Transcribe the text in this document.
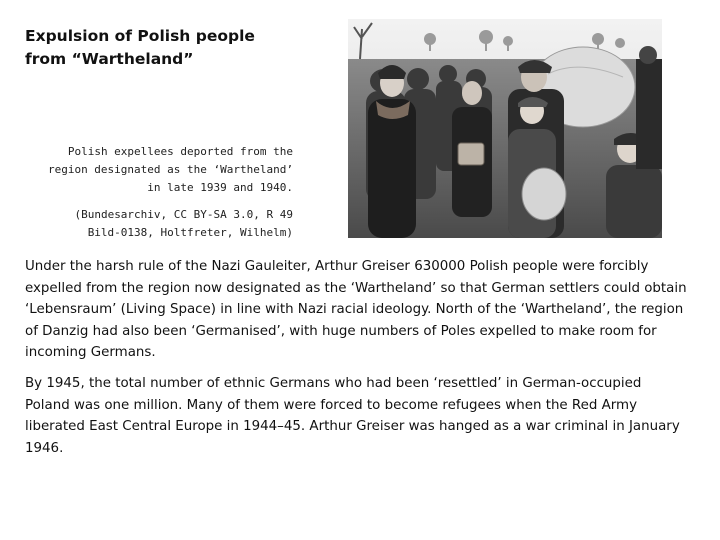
Expulsion of Polish people
from “Wartheland”

Polish expellees deported from the region designated as the ‘Wartheland’ in late 1939 and 1940.

(Bundesarchiv, CC BY-SA 3.0, R 49 Bild-0138, Holtfreter, Wilhelm)

Under the harsh rule of the Nazi Gauleiter, Arthur Greiser 630000 Polish people were forcibly expelled from the region now designated as the ‘Wartheland’ so that German settlers could obtain ‘Lebensraum’ (Living Space) in line with Nazi racial ideology. North of the ‘Wartheland’, the region of Danzig had also been ‘Germanised’, with huge numbers of Poles expelled to make room for incoming Germans.

By 1945, the total number of ethnic Germans who had been ‘resettled’ in German-occupied Poland was one million. Many of them were forced to become refugees when the Red Army liberated East Central Europe in 1944–45. Arthur Greiser was hanged as a war criminal in January 1946.
